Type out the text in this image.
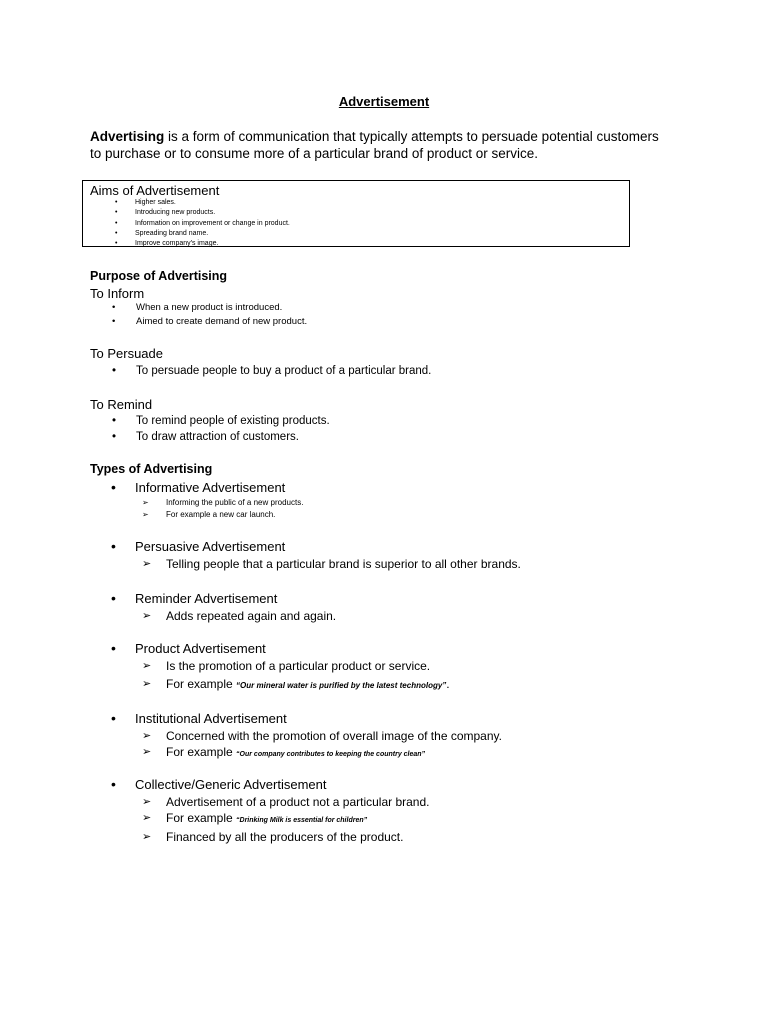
Advertisement
Advertising is a form of communication that typically attempts to persuade potential customers to purchase or to consume more of a particular brand of product or service.
Aims of Advertisement
•	Higher sales.
•	Introducing new products.
•	Information on improvement or change in product.
•	Spreading brand name.
•	Improve company's image.
Purpose of Advertising
To Inform
• When a new product is introduced.
• Aimed to create demand of new product.
To Persuade
• To persuade people to buy a product of a particular brand.
To Remind
• To remind people of existing products.
• To draw attraction of customers.
Types of Advertising
• Informative Advertisement
➢ Informing the public of a new products.
➢ For example a new car launch.
• Persuasive Advertisement
➢ Telling people that a particular brand is superior to all other brands.
• Reminder Advertisement
➢ Adds repeated again and again.
• Product Advertisement
➢ Is the promotion of a particular product or service.
➢ For example “Our mineral water is purified by the latest technology”.
• Institutional Advertisement
➢ Concerned with the promotion of overall image of the company.
➢ For example “Our company contributes to keeping the country clean”
• Collective/Generic Advertisement
➢ Advertisement of a product not a particular brand.
➢ For example “Drinking Milk is essential for children”
➢ Financed by all the producers of the product.
